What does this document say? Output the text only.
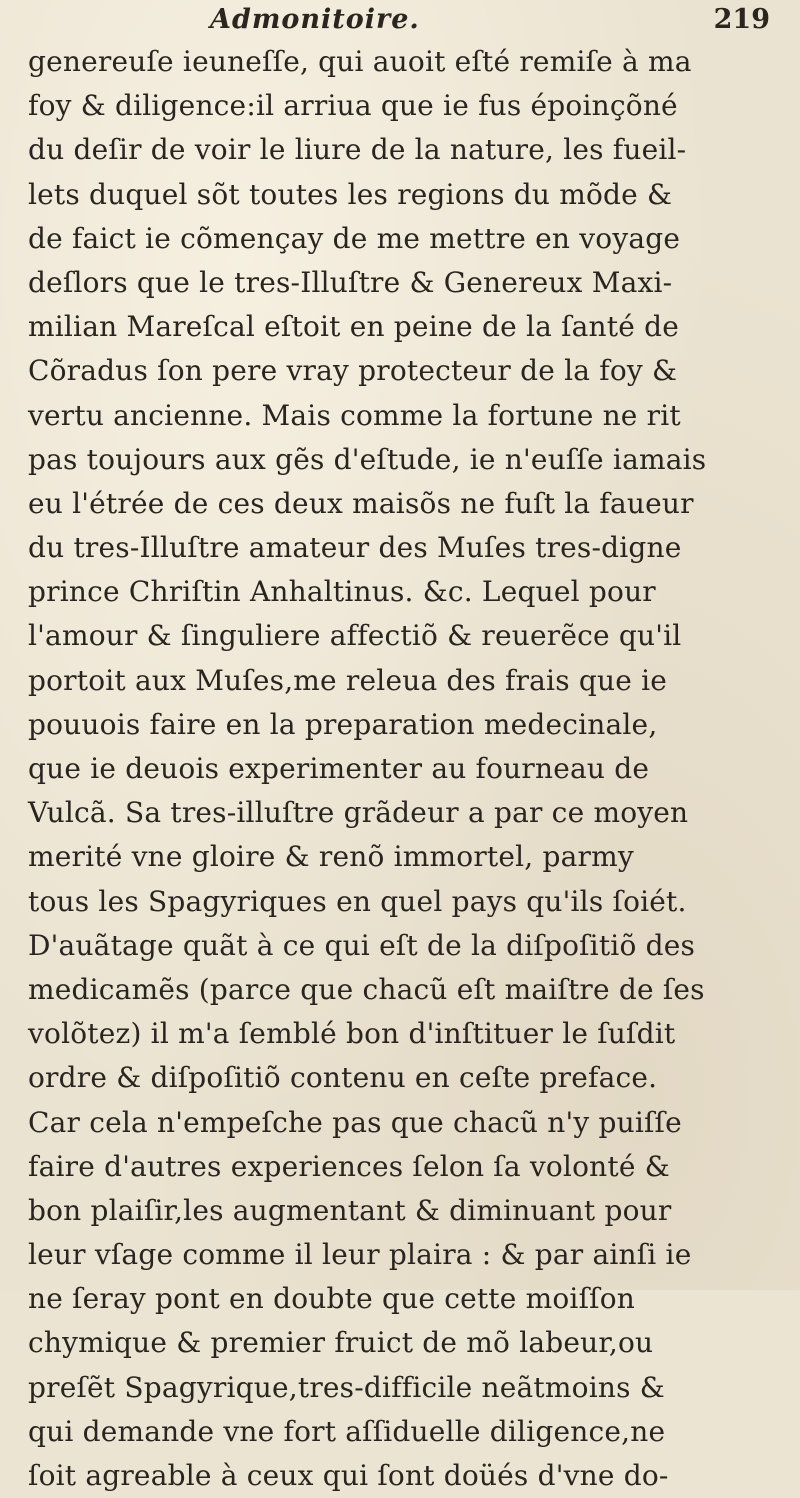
Admonitoire.	219
genereuſe ieuneſſe, qui auoit eſté remiſe à ma
foy & diligence:il arriua que ie fus époinçõné
du deſir de voir le liure de la nature, les fueil-
lets duquel sõt toutes les regions du mõde &
de faict ie cõmençay de me mettre en voyage
deſlors que le tres-Illuſtre & Genereux Maxi-
milian Mareſcal eſtoit en peine de la ſanté de
Cõradus ſon pere vray protecteur de la foy &
vertu ancienne. Mais comme la fortune ne rit
pas toujours aux gẽs d'eſtude, ie n'euſſe iamais
eu l'étrée de ces deux maisõs ne fuſt la faueur
du tres-Illuſtre amateur des Muſes tres-digne
prince Chriſtin Anhaltinus. &c. Lequel pour
l'amour & ſinguliere affectiõ & reuerẽce qu'il
portoit aux Muſes,me releua des frais que ie
pouuois faire en la preparation medecinale,
que ie deuois experimenter au fourneau de
Vulcã. Sa tres-illuſtre grãdeur a par ce moyen
merité vne gloire & renõ immortel, parmy
tous les Spagyriques en quel pays qu'ils ſoiét.
D'auãtage quãt à ce qui eſt de la diſpoſitiõ des
medicamẽs (parce que chacũ eſt maiſtre de ſes
volõtez) il m'a ſemblé bon d'inſtituer le ſuſdit
ordre & diſpoſitiõ contenu en ceſte preface.
Car cela n'empeſche pas que chacũ n'y puiſſe
faire d'autres experiences ſelon ſa volonté &
bon plaiſir,les augmentant & diminuant pour
leur vſage comme il leur plaira : & par ainſi ie
ne ſeray pont en doubte que cette moiſſon
chymique & premier fruict de mõ labeur,ou
preſẽt Spagyrique,tres-difficile neãtmoins &
qui demande vne fort aſſiduelle diligence,ne
ſoit agreable à ceux qui ſont doüés d'vne do-
